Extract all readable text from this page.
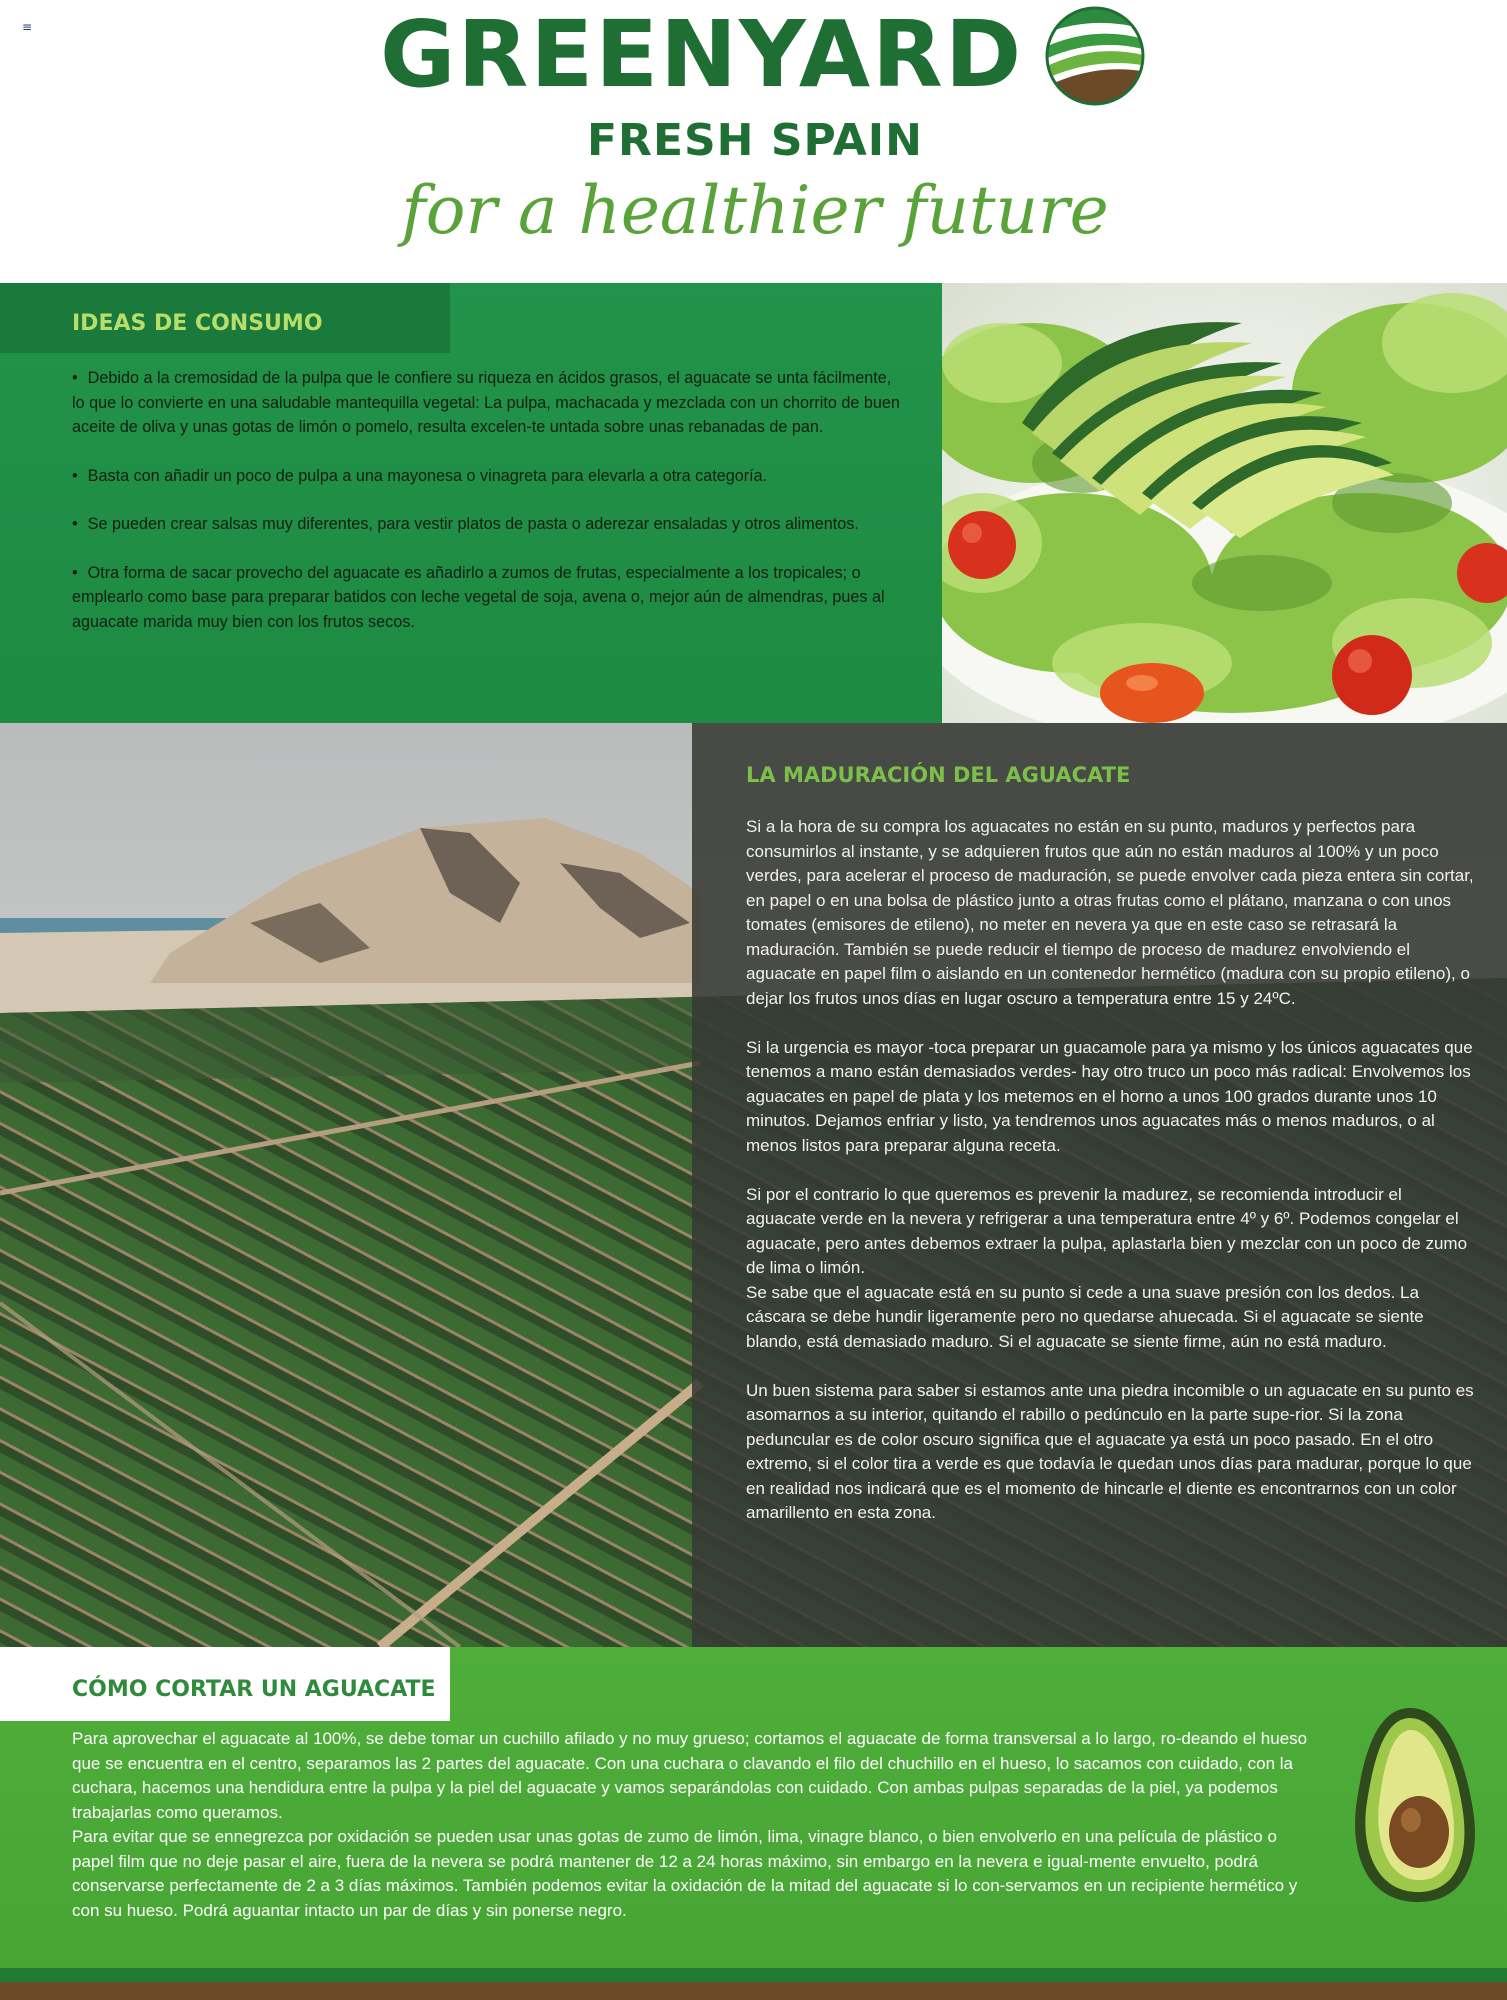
≡	GREENYARD
FRESH SPAIN
for a healthier future
IDEAS DE CONSUMO

• Debido a la cremosidad de la pulpa que le confiere su riqueza en ácidos grasos, el aguacate se unta fácilmente, lo que lo convierte en una saludable mantequilla vegetal: La pulpa, machacada y mezclada con un chorrito de buen aceite de oliva y unas gotas de limón o pomelo, resulta excelen-te untada sobre unas rebanadas de pan.

• Basta con añadir un poco de pulpa a una mayonesa o vinagreta para elevarla a otra categoría.

• Se pueden crear salsas muy diferentes, para vestir platos de pasta o aderezar ensaladas y otros alimentos.

• Otra forma de sacar provecho del aguacate es añadirlo a zumos de frutas, especialmente a los tropicales; o emplearlo como base para preparar batidos con leche vegetal de soja, avena o, mejor aún de almendras, pues al aguacate marida muy bien con los frutos secos.

LA MADURACIÓN DEL AGUACATE

Si a la hora de su compra los aguacates no están en su punto, maduros y perfectos para consumirlos al instante, y se adquieren frutos que aún no están maduros al 100% y un poco verdes, para acelerar el proceso de maduración, se puede envolver cada pieza entera sin cortar, en papel o en una bolsa de plástico junto a otras frutas como el plátano, manzana o con unos tomates (emisores de etileno), no meter en nevera ya que en este caso se retrasará la maduración. También se puede reducir el tiempo de proceso de madurez envolviendo el aguacate en papel film o aislando en un contenedor hermético (madura con su propio etileno), o dejar los frutos unos días en lugar oscuro a temperatura entre 15 y 24ºC.

Si la urgencia es mayor -toca preparar un guacamole para ya mismo y los únicos aguacates que tenemos a mano están demasiados verdes- hay otro truco un poco más radical: Envolvemos los aguacates en papel de plata y los metemos en el horno a unos 100 grados durante unos 10 minutos. Dejamos enfriar y listo, ya tendremos unos aguacates más o menos maduros, o al menos listos para preparar alguna receta.

Si por el contrario lo que queremos es prevenir la madurez, se recomienda introducir el aguacate verde en la nevera y refrigerar a una temperatura entre 4º y 6º. Podemos congelar el aguacate, pero antes debemos extraer la pulpa, aplastarla bien y mezclar con un poco de zumo de lima o limón.

Se sabe que el aguacate está en su punto si cede a una suave presión con los dedos. La cáscara se debe hundir ligeramente pero no quedarse ahuecada. Si el aguacate se siente blando, está demasiado maduro. Si el aguacate se siente firme, aún no está maduro.

Un buen sistema para saber si estamos ante una piedra incomible o un aguacate en su punto es asomarnos a su interior, quitando el rabillo o pedúnculo en la parte supe-rior. Si la zona peduncular es de color oscuro significa que el aguacate ya está un poco pasado. En el otro extremo, si el color tira a verde es que todavía le quedan unos días para madurar, porque lo que en realidad nos indicará que es el momento de hincarle el diente es encontrarnos con un color amarillento en esta zona.

CÓMO CORTAR UN AGUACATE

Para aprovechar el aguacate al 100%, se debe tomar un cuchillo afilado y no muy grueso; cortamos el aguacate de forma transversal a lo largo, ro-deando el hueso que se encuentra en el centro, separamos las 2 partes del aguacate. Con una cuchara o clavando el filo del chuchillo en el hueso, lo sacamos con cuidado, con la cuchara, hacemos una hendidura entre la pulpa y la piel del aguacate y vamos separándolas con cuidado. Con ambas pulpas separadas de la piel, ya podemos trabajarlas como queramos.

Para evitar que se ennegrezca por oxidación se pueden usar unas gotas de zumo de limón, lima, vinagre blanco, o bien envolverlo en una película de plástico o papel film que no deje pasar el aire, fuera de la nevera se podrá mantener de 12 a 24 horas máximo, sin embargo en la nevera e igual-mente envuelto, podrá conservarse perfectamente de 2 a 3 días máximos. También podemos evitar la oxidación de la mitad del aguacate si lo con-servamos en un recipiente hermético y con su hueso. Podrá aguantar intacto un par de días y sin ponerse negro.
